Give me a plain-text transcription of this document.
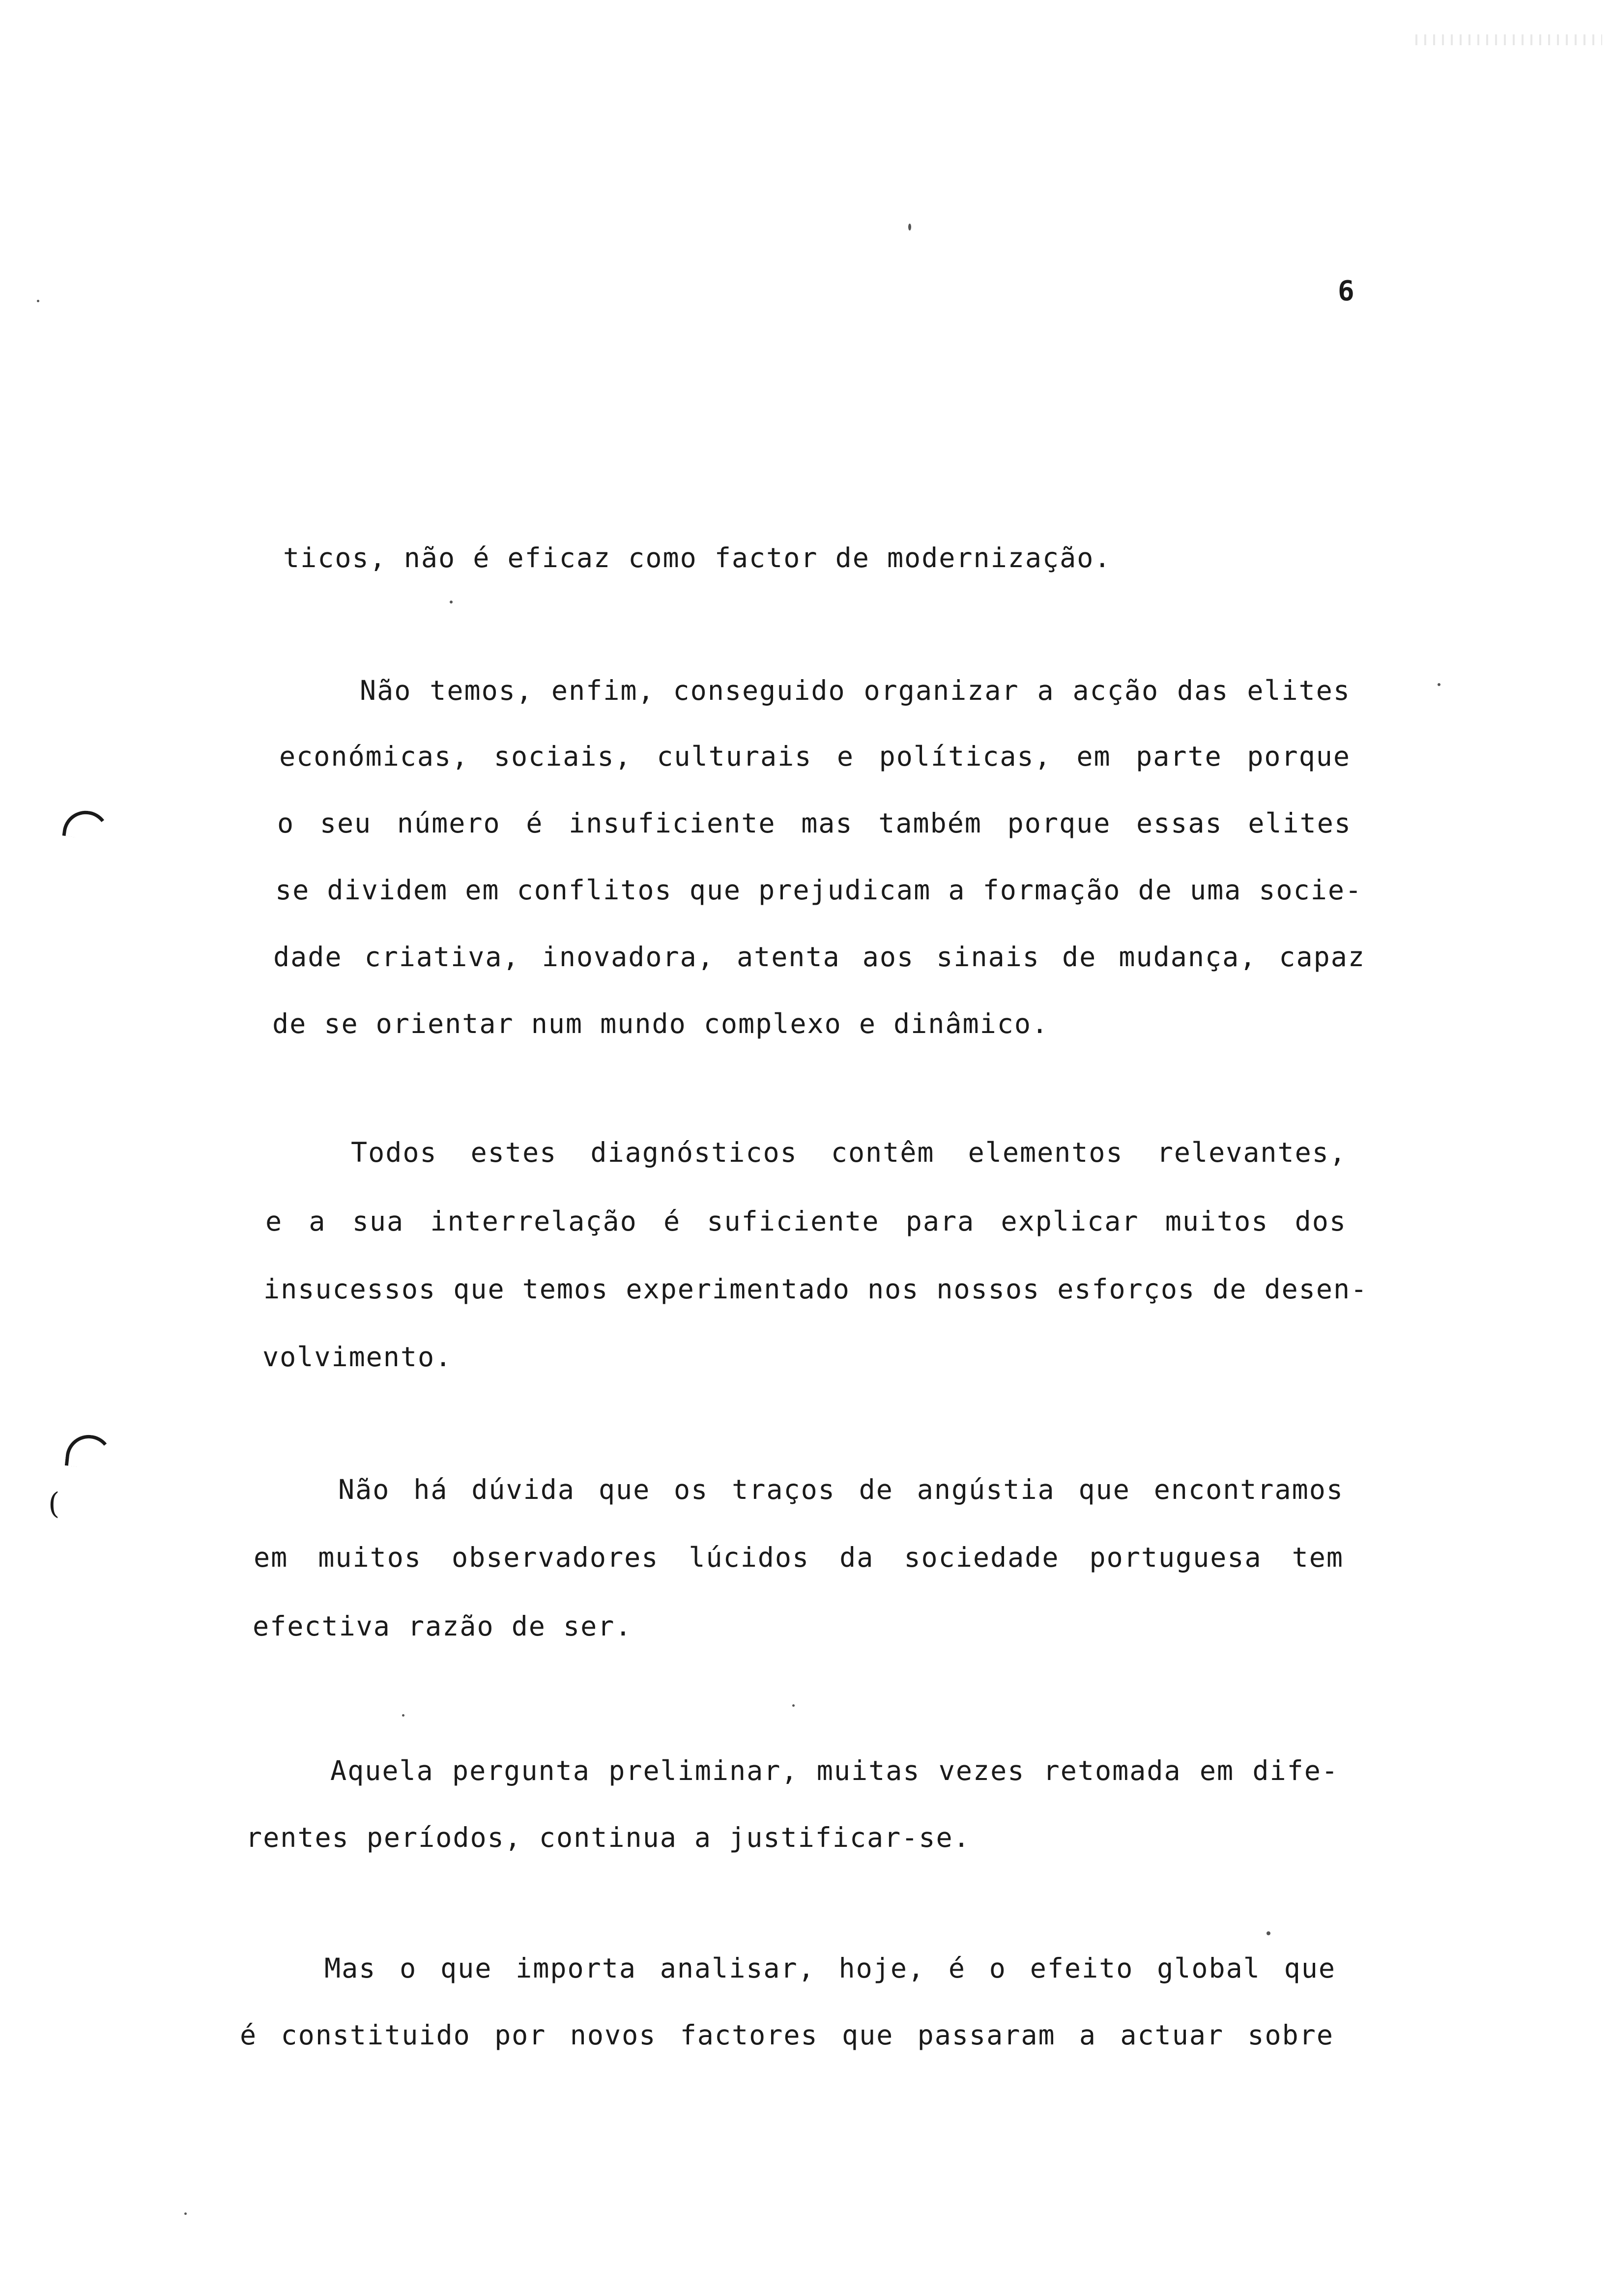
6
ticos, não é eficaz como factor de modernização.
Não temos, enfim, conseguido organizar a acção das elites
económicas, sociais, culturais e políticas, em parte porque
o seu número é insuficiente mas também porque essas elites
se dividem em conflitos que prejudicam a formação de uma socie-
dade criativa, inovadora, atenta aos sinais de mudança, capaz
de se orientar num mundo complexo e dinâmico.
Todos estes diagnósticos contêm elementos relevantes,
e a sua interrelação é suficiente para explicar muitos dos
insucessos que temos experimentado nos nossos esforços de desen-
volvimento.
Não há dúvida que os traços de angústia que encontramos
em muitos observadores lúcidos da sociedade portuguesa tem
efectiva razão de ser.
Aquela pergunta preliminar, muitas vezes retomada em dife-
rentes períodos, continua a justificar-se.
Mas o que importa analisar, hoje, é o efeito global que
é constituido por novos factores que passaram a actuar sobre
(
